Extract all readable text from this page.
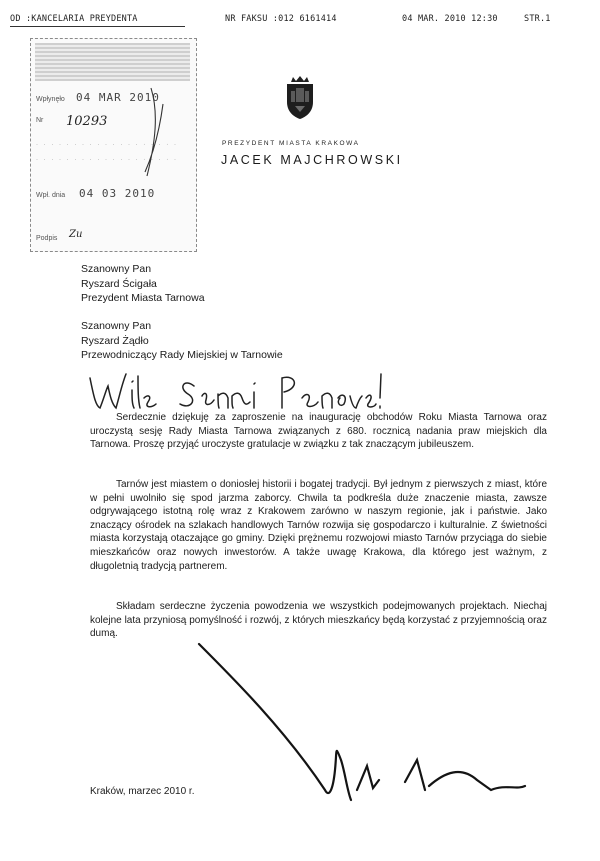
OD :KANCELARIA PREYDENTA	NR FAKSU :012 6161414	04 MAR. 2010 12:30	STR.1
Wpłynęło 04 MAR 2010
Nr 10293
· · · · · · · · · · · · · · · · · · ·
· · · · · · · · · · · · · · · · · · ·
Wpł. dnia 04 03 2010
Podpis Zu
PREZYDENT MIASTA KRAKOWA
JACEK MAJCHROWSKI
Szanowny Pan
Ryszard Ścigała
Prezydent Miasta Tarnowa
Szanowny Pan
Ryszard Żądło
Przewodniczący Rady Miejskiej w Tarnowie

Serdecznie dziękuję za zaproszenie na inaugurację obchodów Roku Miasta Tarnowa oraz uroczystą sesję Rady Miasta Tarnowa związanych z 680. rocznicą nadania praw miejskich dla Tarnowa. Proszę przyjąć uroczyste gratulacje w związku z tak znaczącym jubileuszem.

Tarnów jest miastem o doniosłej historii i bogatej tradycji. Był jednym z pierwszych z miast, które w pełni uwolniło się spod jarzma zaborcy. Chwila ta podkreśla duże znaczenie miasta, zawsze odgrywającego istotną rolę wraz z Krakowem zarówno w naszym regionie, jak i państwie. Jako znaczący ośrodek na szlakach handlowych Tarnów rozwija się gospodarczo i kulturalnie. Z świetności miasta korzystają otaczające go gminy. Dzięki prężnemu rozwojowi miasto Tarnów przyciąga do siebie mieszkańców oraz nowych inwestorów. A także uwagę Krakowa, dla którego jest ważnym, z długoletnią tradycją partnerem.

Składam serdeczne życzenia powodzenia we wszystkich podejmowanych projektach. Niechaj kolejne lata przyniosą pomyślność i rozwój, z których mieszkańcy będą korzystać z przyjemnością oraz dumą.

Kraków, marzec 2010 r.
